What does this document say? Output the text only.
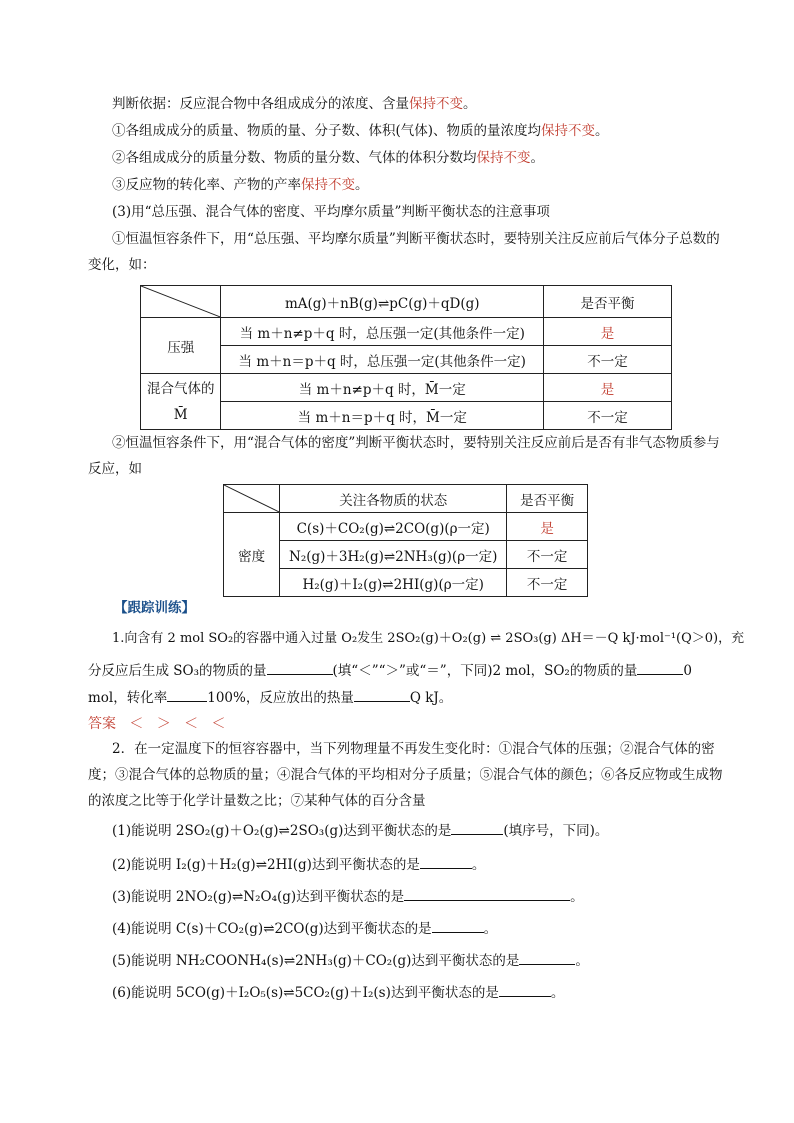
判断依据：反应混合物中各组成成分的浓度、含量保持不变。
①各组成成分的质量、物质的量、分子数、体积(气体)、物质的量浓度均保持不变。
②各组成成分的质量分数、物质的量分数、气体的体积分数均保持不变。
③反应物的转化率、产物的产率保持不变。
(3)用“总压强、混合气体的密度、平均摩尔质量”判断平衡状态的注意事项
①恒温恒容条件下，用“总压强、平均摩尔质量”判断平衡状态时，要特别关注反应前后气体分子总数的变化，如：
	mA(g)＋nB(g)⇌pC(g)＋qD(g)	是否平衡
压强	当 m＋n≠p＋q 时，总压强一定(其他条件一定)	是
	当 m＋n＝p＋q 时，总压强一定(其他条件一定)	不一定
混合气体的M̄	当 m＋n≠p＋q 时，M̄一定	是
	当 m＋n＝p＋q 时，M̄一定	不一定
②恒温恒容条件下，用“混合气体的密度”判断平衡状态时，要特别关注反应前后是否有非气态物质参与反应，如
	关注各物质的状态	是否平衡
密度	C(s)＋CO₂(g)⇌2CO(g)(ρ一定)	是
	N₂(g)＋3H₂(g)⇌2NH₃(g)(ρ一定)	不一定
	H₂(g)＋I₂(g)⇌2HI(g)(ρ一定)	不一定
【跟踪训练】
1.向含有 2 mol SO₂的容器中通入过量 O₂发生 2SO₂(g)＋O₂(g) ⇌ 2SO₃(g) ΔH＝－Q kJ·mol⁻¹(Q＞0)，充
分反应后生成 SO₃的物质的量	(填“＜”“＞”或“＝”，下同)2 mol，SO₂的物质的量	0
mol，转化率	100%，反应放出的热量	Q kJ。
答案 ＜ ＞ ＜ ＜
2．在一定温度下的恒容容器中，当下列物理量不再发生变化时：①混合气体的压强；②混合气体的密度；③混合气体的总物质的量；④混合气体的平均相对分子质量；⑤混合气体的颜色；⑥各反应物或生成物的浓度之比等于化学计量数之比；⑦某种气体的百分含量
(1)能说明 2SO₂(g)＋O₂(g)⇌2SO₃(g)达到平衡状态的是	(填序号，下同)。
(2)能说明 I₂(g)＋H₂(g)⇌2HI(g)达到平衡状态的是	。
(3)能说明 2NO₂(g)⇌N₂O₄(g)达到平衡状态的是	。
(4)能说明 C(s)＋CO₂(g)⇌2CO(g)达到平衡状态的是	。
(5)能说明 NH₂COONH₄(s)⇌2NH₃(g)＋CO₂(g)达到平衡状态的是	。
(6)能说明 5CO(g)＋I₂O₅(s)⇌5CO₂(g)＋I₂(s)达到平衡状态的是	。
